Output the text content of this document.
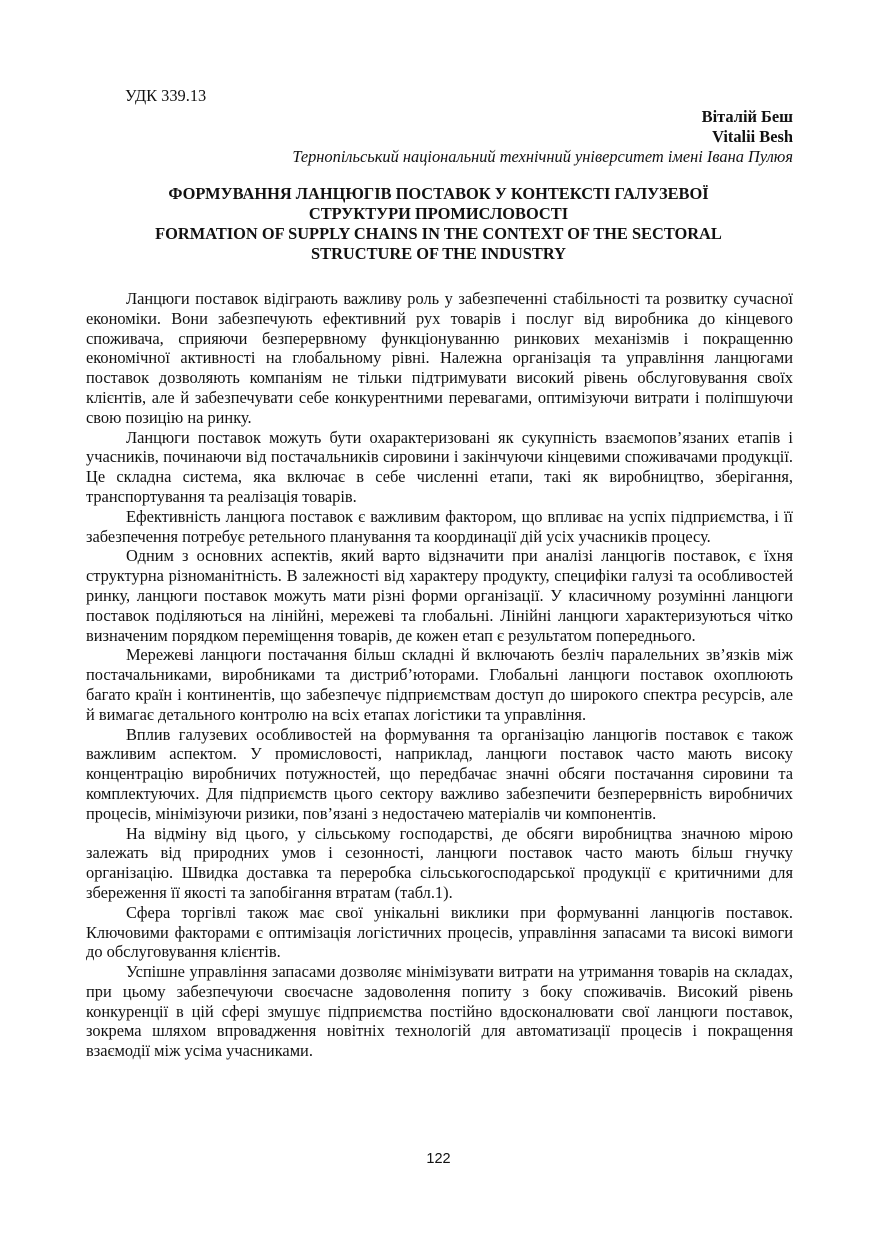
УДК 339.13
Віталій Беш
Vitalii Besh
Тернопільський національний технічний університет імені Івана Пулюя
ФОРМУВАННЯ ЛАНЦЮГІВ ПОСТАВОК У КОНТЕКСТІ ГАЛУЗЕВОЇ
СТРУКТУРИ ПРОМИСЛОВОСТІ
FORMATION OF SUPPLY CHAINS IN THE CONTEXT OF THE SECTORAL
STRUCTURE OF THE INDUSTRY

Ланцюги поставок відіграють важливу роль у забезпеченні стабільності та розвитку сучасної економіки. Вони забезпечують ефективний рух товарів і послуг від виробника до кінцевого споживача, сприяючи безперервному функціонуванню ринкових механізмів і покращенню економічної активності на глобальному рівні. Належна організація та управління ланцюгами поставок дозволяють компаніям не тільки підтримувати високий рівень обслуговування своїх клієнтів, але й забезпечувати себе конкурентними перевагами, оптимізуючи витрати і поліпшуючи свою позицію на ринку.

Ланцюги поставок можуть бути охарактеризовані як сукупність взаємопов’язаних етапів і учасників, починаючи від постачальників сировини і закінчуючи кінцевими споживачами продукції. Це складна система, яка включає в себе численні етапи, такі як виробництво, зберігання, транспортування та реалізація товарів.

Ефективність ланцюга поставок є важливим фактором, що впливає на успіх підприємства, і її забезпечення потребує ретельного планування та координації дій усіх учасників процесу.

Одним з основних аспектів, який варто відзначити при аналізі ланцюгів поставок, є їхня структурна різноманітність. В залежності від характеру продукту, специфіки галузі та особливостей ринку, ланцюги поставок можуть мати різні форми організації. У класичному розумінні ланцюги поставок поділяються на лінійні, мережеві та глобальні. Лінійні ланцюги характеризуються чітко визначеним порядком переміщення товарів, де кожен етап є результатом попереднього.

Мережеві ланцюги постачання більш складні й включають безліч паралельних зв’язків між постачальниками, виробниками та дистриб’юторами. Глобальні ланцюги поставок охоплюють багато країн і континентів, що забезпечує підприємствам доступ до широкого спектра ресурсів, але й вимагає детального контролю на всіх етапах логістики та управління.

Вплив галузевих особливостей на формування та організацію ланцюгів поставок є також важливим аспектом. У промисловості, наприклад, ланцюги поставок часто мають високу концентрацію виробничих потужностей, що передбачає значні обсяги постачання сировини та комплектуючих. Для підприємств цього сектору важливо забезпечити безперервність виробничих процесів, мінімізуючи ризики, пов’язані з недостачею матеріалів чи компонентів.

На відміну від цього, у сільському господарстві, де обсяги виробництва значною мірою залежать від природних умов і сезонності, ланцюги поставок часто мають більш гнучку організацію. Швидка доставка та переробка сільськогосподарської продукції є критичними для збереження її якості та запобігання втратам (табл.1).

Сфера торгівлі також має свої унікальні виклики при формуванні ланцюгів поставок. Ключовими факторами є оптимізація логістичних процесів, управління запасами та високі вимоги до обслуговування клієнтів.

Успішне управління запасами дозволяє мінімізувати витрати на утримання товарів на складах, при цьому забезпечуючи своєчасне задоволення попиту з боку споживачів. Високий рівень конкуренції в цій сфері змушує підприємства постійно вдосконалювати свої ланцюги поставок, зокрема шляхом впровадження новітніх технологій для автоматизації процесів і покращення взаємодії між усіма учасниками.

122
